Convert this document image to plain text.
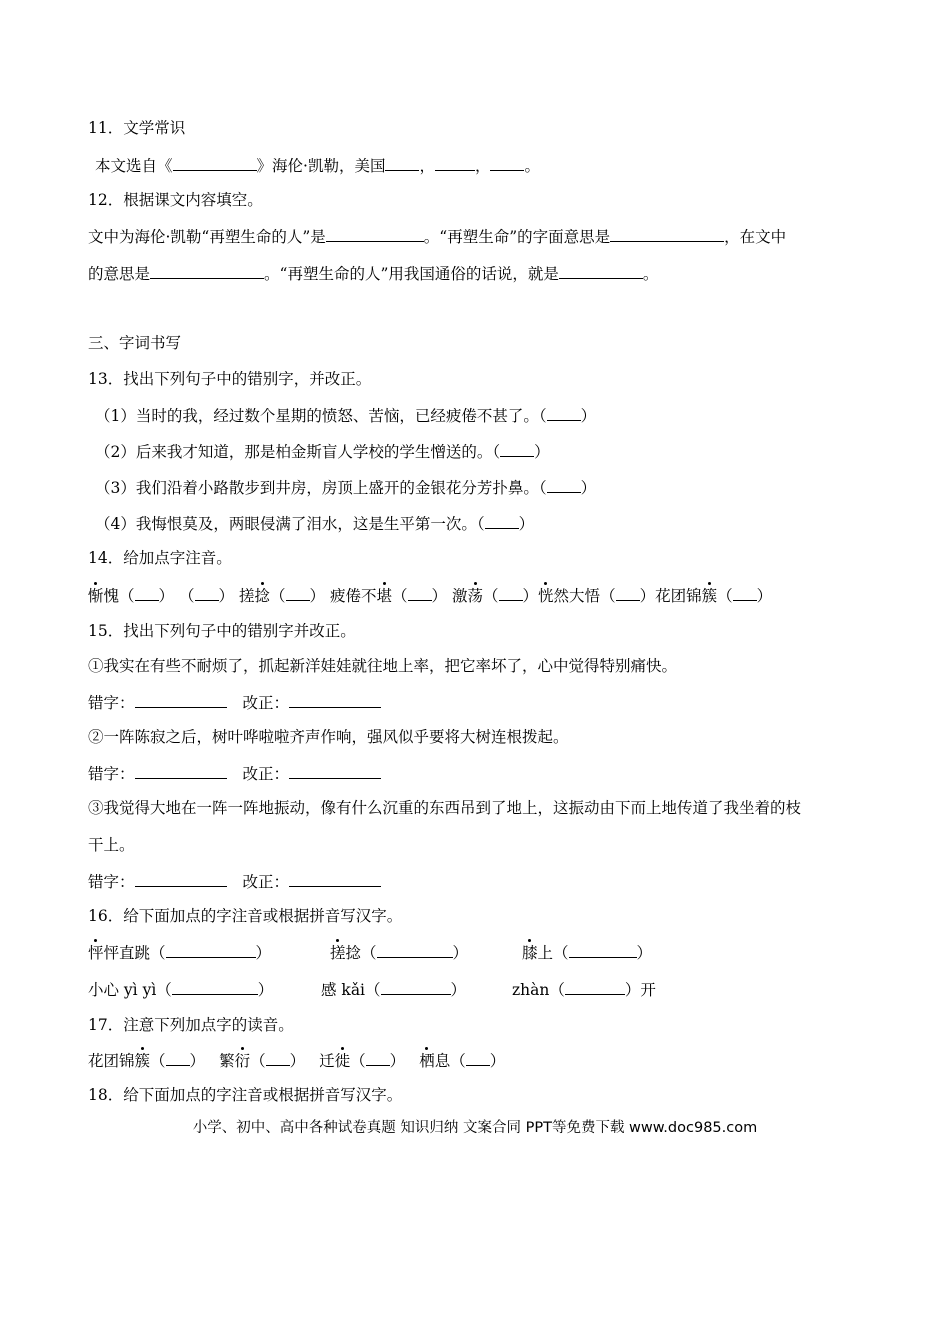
11．文学常识
本文选自《	》海伦·凯勒，美国 ，	， 。
12．根据课文内容填空。
文中为海伦·凯勒“再塑生命的人”是	。“再塑生命”的字面意思是	，在文中
的意思是	。“再塑生命的人”用我国通俗的话说，就是	。
三、字词书写
13．找出下列句子中的错别字，并改正。
（1）当时的我，经过数个星期的愤怒、苦恼，已经疲倦不甚了。（ ）
（2）后来我才知道，那是柏金斯盲人学校的学生憎送的。（ ）
（3）我们沿着小路散步到井房，房顶上盛开的金银花分芳扑鼻。（ ）
（4）我悔恨莫及，两眼侵满了泪水，这是生平第一次。（ ）
14．给加点字注音。
惭愧（ ） （ ） 搓捻（ ） 疲倦不堪（ ） 激荡（ ）恍然大悟（ ）花团锦簇（ ）
15．找出下列句子中的错别字并改正。
①我实在有些不耐烦了，抓起新洋娃娃就往地上率，把它率坏了，心中觉得特别痛快。
错字：	改正：
②一阵陈寂之后，树叶哗啦啦齐声作响，强风似乎要将大树连根拨起。
错字：	改正：
③我觉得大地在一阵一阵地振动，像有什么沉重的东西吊到了地上，这振动由下而上地传道了我坐着的枝
干上。
错字：	改正：
16．给下面加点的字注音或根据拼音写汉字。
怦怦直跳（	）	搓捻（	）	膝上（	）
小心 yì yì（	）	感 kǎi（	）	zhàn（	）开
17．注意下列加点字的读音。
花团锦簇（ ） 繁衍（ ） 迁徙（ ） 栖息（ ）
18．给下面加点的字注音或根据拼音写汉字。
小学、初中、高中各种试卷真题 知识归纳 文案合同 PPT等免费下载 www.doc985.com
